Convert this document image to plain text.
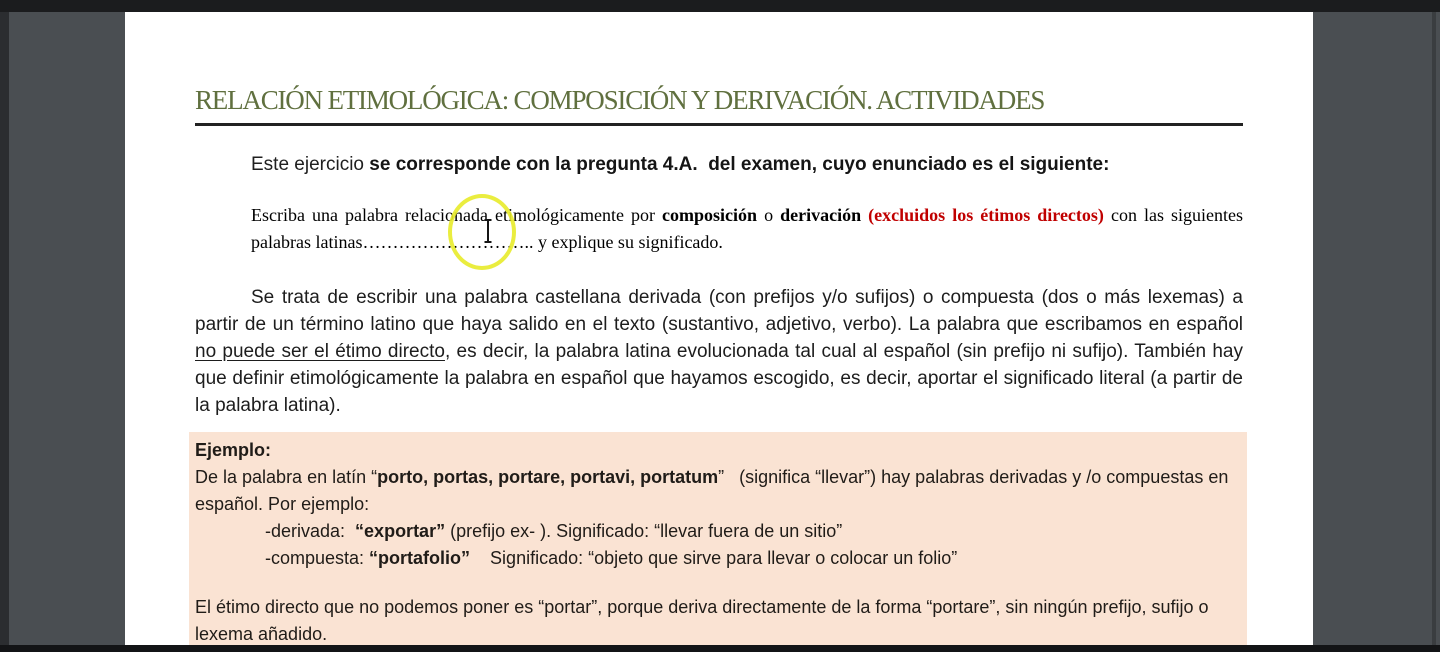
RELACIÓN ETIMOLÓGICA: COMPOSICIÓN Y DERIVACIÓN. ACTIVIDADES

Este ejercicio se corresponde con la pregunta 4.A.  del examen, cuyo enunciado es el siguiente:

Escriba una palabra relacionada etimológicamente por composición o derivación (excluidos los étimos directos) con las siguientes palabras latinas……………………….. y explique su significado.

Se trata de escribir una palabra castellana derivada (con prefijos y/o sufijos) o compuesta (dos o más lexemas) a partir de un término latino que haya salido en el texto (sustantivo, adjetivo, verbo). La palabra que escribamos en español no puede ser el étimo directo, es decir, la palabra latina evolucionada tal cual al español (sin prefijo ni sufijo). También hay que definir etimológicamente la palabra en español que hayamos escogido, es decir, aportar el significado literal (a partir de la palabra latina).

Ejemplo:

De la palabra en latín “porto, portas, portare, portavi, portatum”   (significa “llevar”) hay palabras derivadas y /o compuestas en español. Por ejemplo:

-derivada:  “exportar” (prefijo ex- ). Significado: “llevar fuera de un sitio”

-compuesta: “portafolio”    Significado: “objeto que sirve para llevar o colocar un folio”

El étimo directo que no podemos poner es “portar”, porque deriva directamente de la forma “portare”, sin ningún prefijo, sufijo o lexema añadido.
